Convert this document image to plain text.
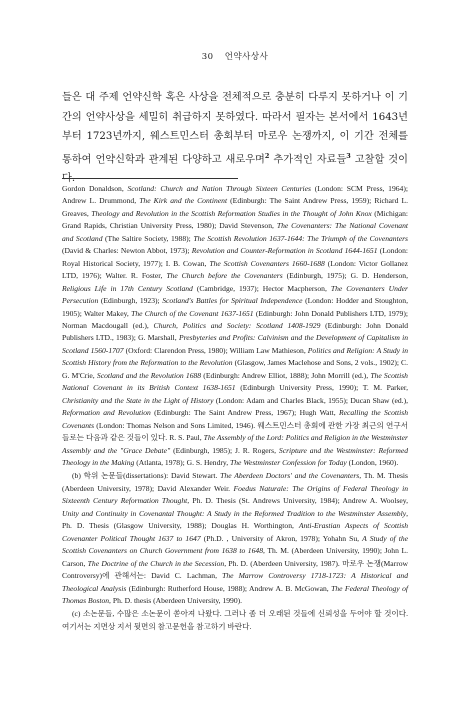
30 언약사상사
들은 대 주제 언약신학 혹은 사상을 전체적으로 충분히 다루지 못하거나 이 기간의 언약사상을 세밀히 취급하지 못하였다. 따라서 필자는 본서에서 1643년부터 1723년까지, 웨스트민스터 총회부터 마로우 논쟁까지, 이 기간 전체를 통하여 언약신학과 관계된 다양하고 새로우며$^2$ 추가적인 자료들$^3$ 고찰할 것이다.

Gordon Donaldson, Scotland: Church and Nation Through Sixteen Centuries (London: SCM Press, 1964); Andrew L. Drummond, The Kirk and the Continent (Edinburgh: The Saint Andrew Press, 1959); Richard L. Greaves, Theology and Revolution in the Scottish Reformation Studies in the Thought of John Knox (Michigan: Grand Rapids, Christian University Press, 1980); David Stevenson, The Covenanters: The National Covenant and Scotland (The Saltire Society, 1988); The Scottish Revolution 1637-1644: The Triumph of the Covenanters (David & Charles: Newton Abbot, 1973); Revolution and Counter-Reformation in Scotland 1644-1651 (London: Royal Historical Society, 1977); I. B. Cowan, The Scottish Covenanters 1660-1688 (London: Victor Gollanez LTD, 1976); Walter. R. Foster, The Church before the Covenanters (Edinburgh, 1975); G. D. Henderson, Religious Life in 17th Century Scotland (Cambridge, 1937); Hector Macpherson, The Covenanters Under Persecution (Edinburgh, 1923); Scotland's Battles for Spiritual Independence (London: Hodder and Stoughton, 1905); Walter Makey, The Church of the Covenant 1637-1651 (Edinburgh: John Donald Publishers LTD, 1979); Norman Macdougall (ed.), Church, Politics and Society: Scotland 1408-1929 (Edinburgh: John Donald Publishers LTD., 1983); G. Marshall, Presbyteries and Profits: Calvinism and the Development of Capitalism in Scotland 1560-1707 (Oxford: Clarendon Press, 1980); William Law Mathieson, Politics and Religion: A Study in Scottish History from the Reformation to the Revolution (Glasgow, James Maclehose and Sons, 2 vols., 1902); C. G. M'Crie, Scotland and the Revolution 1688 (Edinburgh: Andrew Elliot, 1888); John Morrill (ed.), The Scottish National Covenant in its British Context 1638-1651 (Edinburgh University Press, 1990); T. M. Parker, Christianity and the State in the Light of History (London: Adam and Charles Black, 1955); Ducan Shaw (ed.), Reformation and Revolution (Edinburgh: The Saint Andrew Press, 1967); Hugh Watt, Recalling the Scottish Covenants (London: Thomas Nelson and Sons Limited, 1946). 웨스트민스터 총회에 관한 가장 최근의 연구서들로는 다음과 같은 것들이 있다. R. S. Paul, The Assembly of the Lord: Politics and Religion in the Westminster Assembly and the "Grace Debate" (Edinburgh, 1985); J. R. Rogers, Scripture and the Westminster: Reformed Theology in the Making (Atlanta, 1978); G. S. Hendry, The Westminster Confession for Today (London, 1960).

(b) 학위 논문들(dissertations): David Stewart. The Aberdeen Doctors' and the Covenanters, Th. M. Thesis (Aberdeen University, 1978); David Alexander Weir. Foedus Naturale: The Origins of Federal Theology in Sixteenth Century Reformation Thought, Ph. D. Thesis (St. Andrews University, 1984); Andrew A. Woolsey, Unity and Continuity in Covenantal Thought: A Study in the Reformed Tradition to the Westminster Assembly, Ph. D. Thesis (Glasgow University, 1988); Douglas H. Worthington, Anti-Erastian Aspects of Scottish Covenanter Political Thought 1637 to 1647 (Ph.D. , University of Akron, 1978); Yohahn Su, A Study of the Scottish Covenanters on Church Government from 1638 to 1648, Th. M. (Aberdeen University, 1990); John L. Carson, The Doctrine of the Church in the Secession, Ph. D. (Aberdeen University, 1987). 마로우 논쟁(Marrow Controversy)에 관해서는: David C. Lachman, The Marrow Controversy 1718-1723: A Historical and Theological Analysis (Edinburgh: Rutherford House, 1988); Andrew A. B. McGowan, The Federal Theology of Thomas Boston, Ph. D. thesis (Aberdeen University, 1990).

(c) 소논문들, 수많은 소논문이 쏟아져 나왔다. 그러나 좀 더 오래된 것들에 신뢰성을 두어야 할 것이다. 여기서는 지면상 지서 뒷면의 참고문헌을 참고하기 바란다.
